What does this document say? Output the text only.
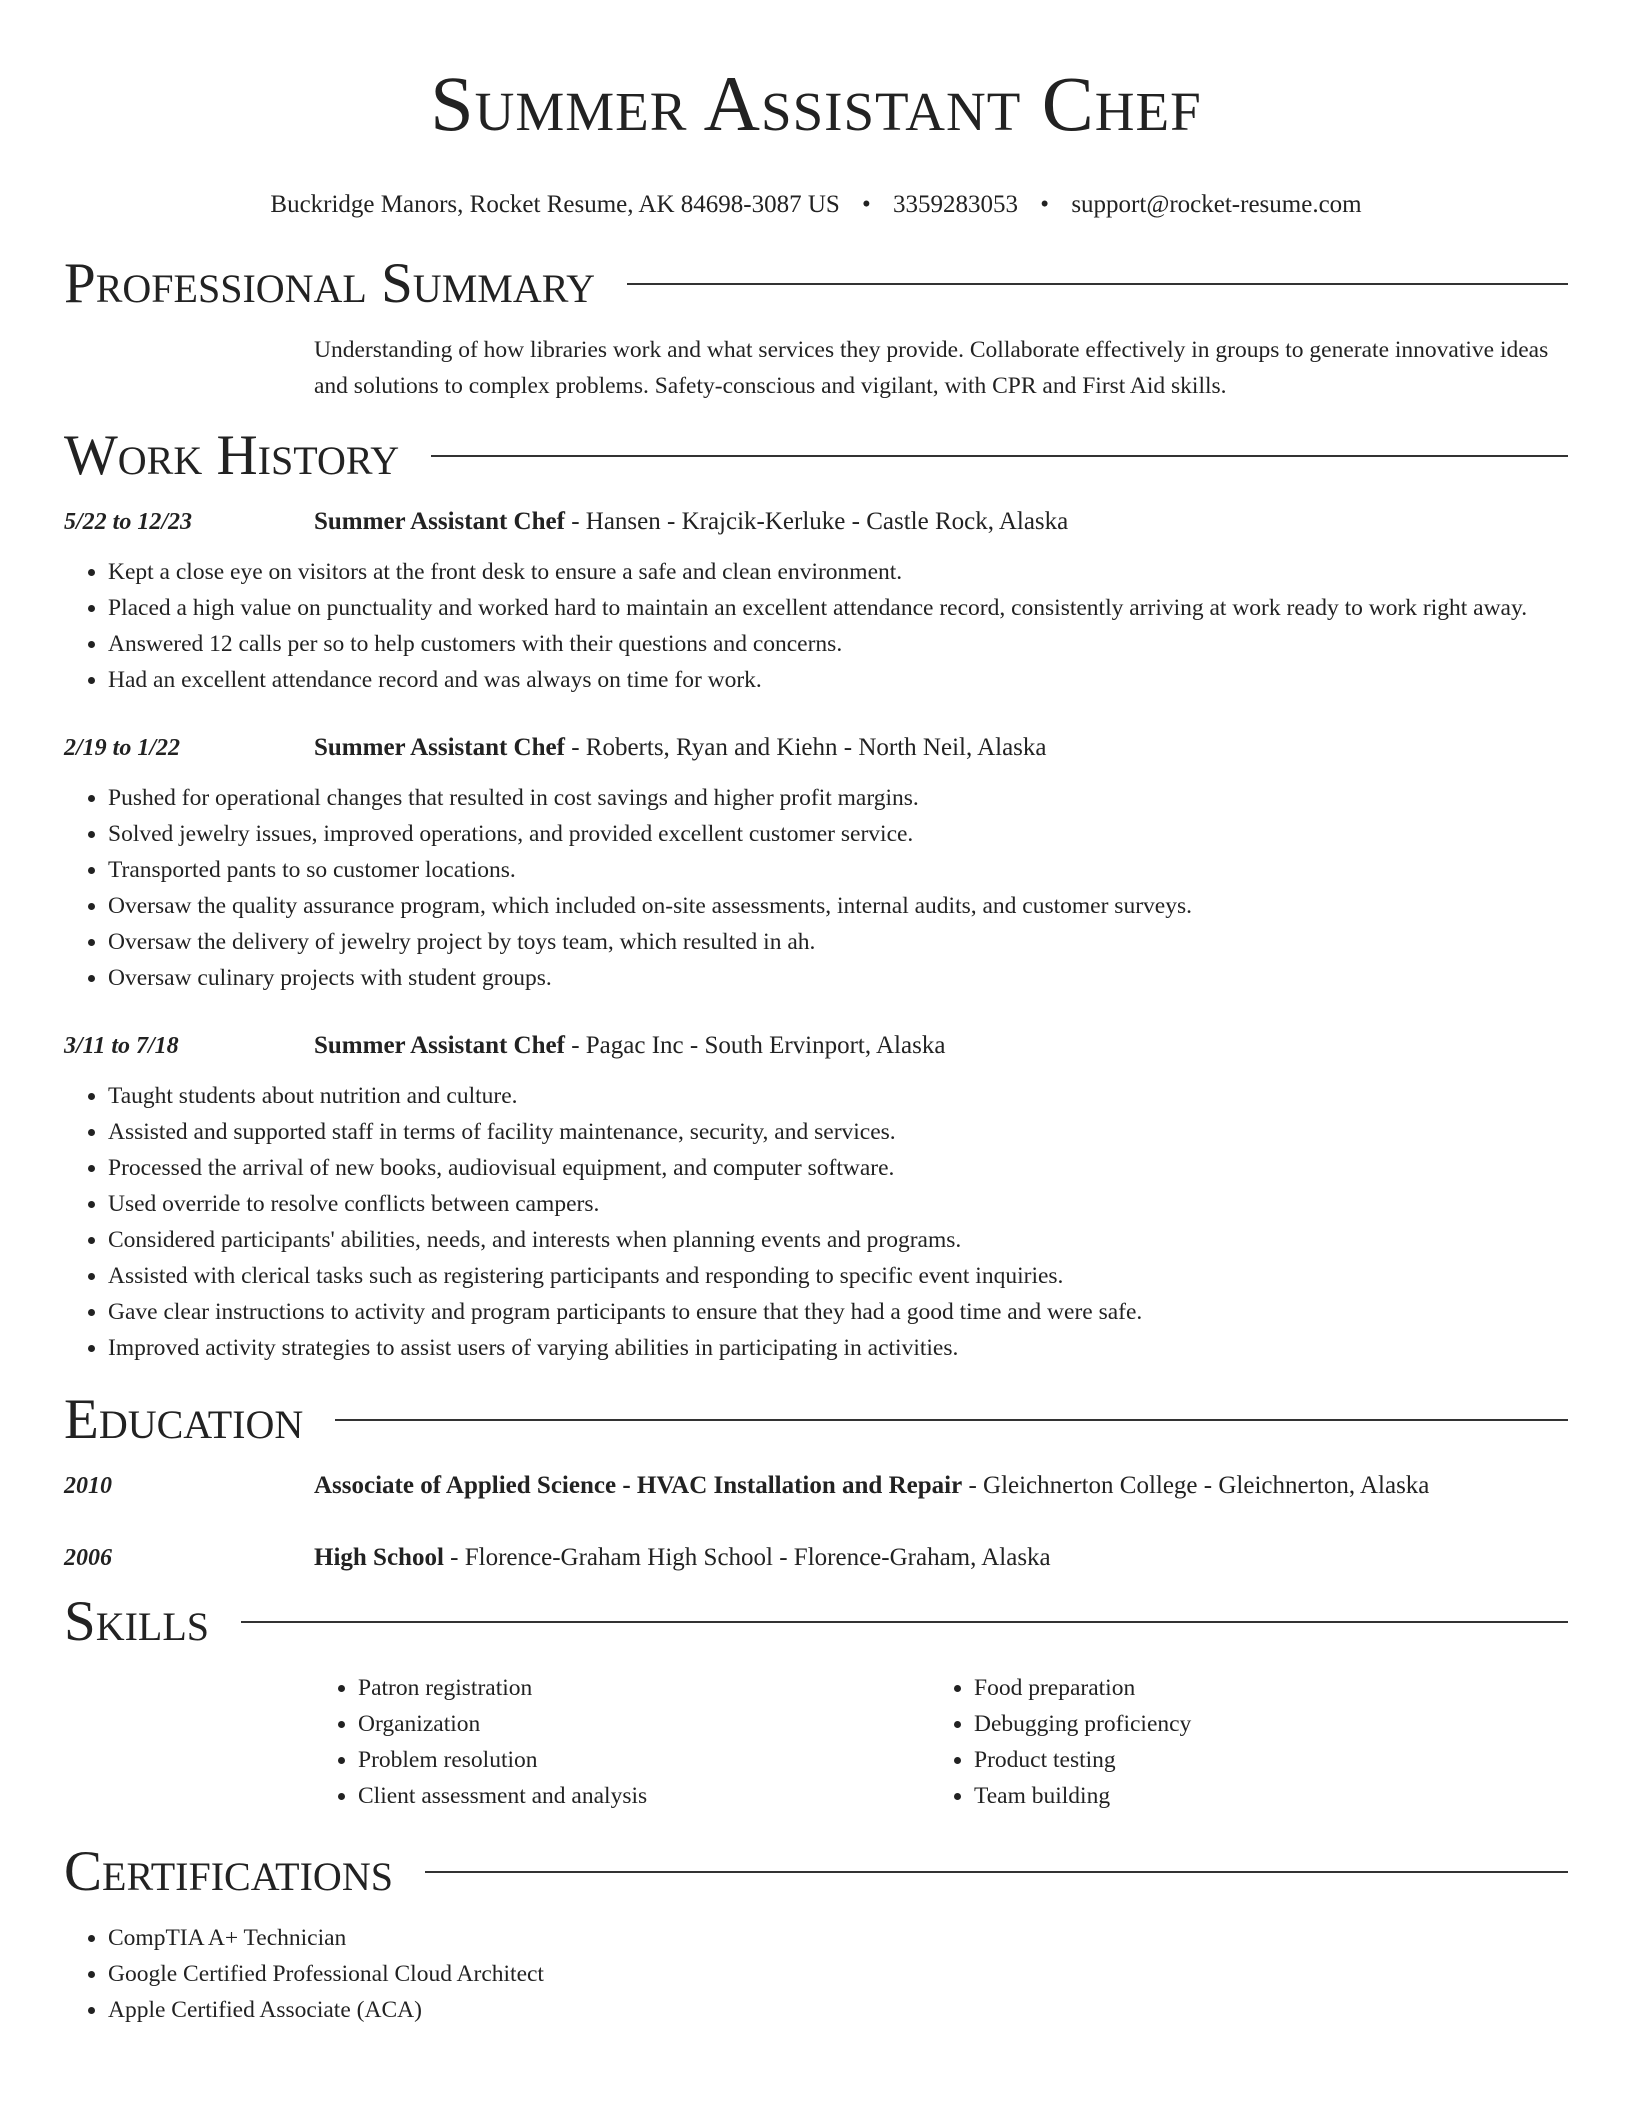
Summer Assistant Chef
Buckridge Manors, Rocket Resume, AK 84698-3087 US • 3359283053 • support@rocket-resume.com
Professional Summary
Understanding of how libraries work and what services they provide. Collaborate effectively in groups to generate innovative ideas and solutions to complex problems. Safety-conscious and vigilant, with CPR and First Aid skills.
Work History
5/22 to 12/23	Summer Assistant Chef - Hansen - Krajcik-Kerluke - Castle Rock, Alaska
• Kept a close eye on visitors at the front desk to ensure a safe and clean environment.
• Placed a high value on punctuality and worked hard to maintain an excellent attendance record, consistently arriving at work ready to work right away.
• Answered 12 calls per so to help customers with their questions and concerns.
• Had an excellent attendance record and was always on time for work.
2/19 to 1/22	Summer Assistant Chef - Roberts, Ryan and Kiehn - North Neil, Alaska
• Pushed for operational changes that resulted in cost savings and higher profit margins.
• Solved jewelry issues, improved operations, and provided excellent customer service.
• Transported pants to so customer locations.
• Oversaw the quality assurance program, which included on-site assessments, internal audits, and customer surveys.
• Oversaw the delivery of jewelry project by toys team, which resulted in ah.
• Oversaw culinary projects with student groups.
3/11 to 7/18	Summer Assistant Chef - Pagac Inc - South Ervinport, Alaska
• Taught students about nutrition and culture.
• Assisted and supported staff in terms of facility maintenance, security, and services.
• Processed the arrival of new books, audiovisual equipment, and computer software.
• Used override to resolve conflicts between campers.
• Considered participants' abilities, needs, and interests when planning events and programs.
• Assisted with clerical tasks such as registering participants and responding to specific event inquiries.
• Gave clear instructions to activity and program participants to ensure that they had a good time and were safe.
• Improved activity strategies to assist users of varying abilities in participating in activities.
Education
2010	Associate of Applied Science - HVAC Installation and Repair - Gleichnerton College - Gleichnerton, Alaska
2006	High School - Florence-Graham High School - Florence-Graham, Alaska
Skills
• Patron registration
• Organization
• Problem resolution
• Client assessment and analysis
• Food preparation
• Debugging proficiency
• Product testing
• Team building
Certifications
• CompTIA A+ Technician
• Google Certified Professional Cloud Architect
• Apple Certified Associate (ACA)
